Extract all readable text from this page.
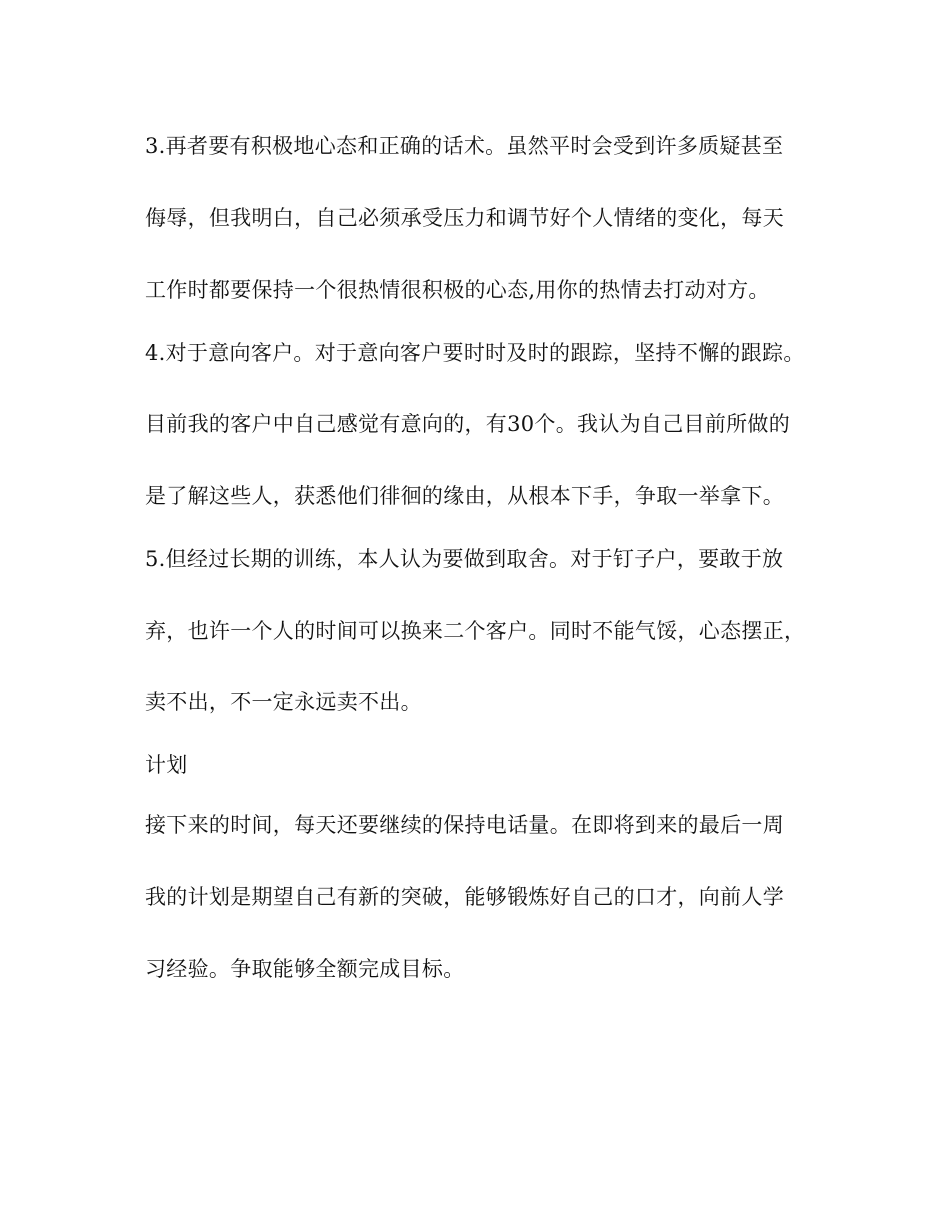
3.再者要有积极地心态和正确的话术。虽然平时会受到许多质疑甚至
侮辱，但我明白，自己必须承受压力和调节好个人情绪的变化，每天
工作时都要保持一个很热情很积极的心态,用你的热情去打动对方。
4.对于意向客户。对于意向客户要时时及时的跟踪，坚持不懈的跟踪。
目前我的客户中自己感觉有意向的，有30个。我认为自己目前所做的
是了解这些人，获悉他们徘徊的缘由，从根本下手，争取一举拿下。
5.但经过长期的训练，本人认为要做到取舍。对于钉子户，要敢于放
弃，也许一个人的时间可以换来二个客户。同时不能气馁，心态摆正，
卖不出，不一定永远卖不出。
计划
接下来的时间，每天还要继续的保持电话量。在即将到来的最后一周
我的计划是期望自己有新的突破，能够锻炼好自己的口才，向前人学
习经验。争取能够全额完成目标。
